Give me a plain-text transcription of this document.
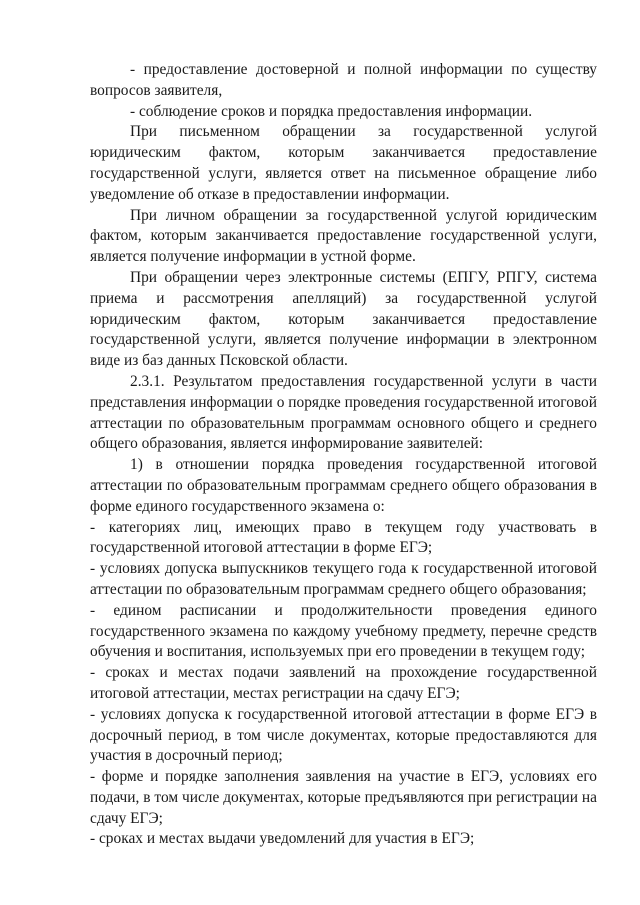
- предоставление достоверной и полной информации по существу вопросов заявителя,

- соблюдение сроков и порядка предоставления информации.

При письменном обращении за государственной услугой юридическим фактом, которым заканчивается предоставление государственной услуги, является ответ на письменное обращение либо уведомление об отказе в предоставлении информации.

При личном обращении за государственной услугой юридическим фактом, которым заканчивается предоставление государственной услуги, является получение информации в устной форме.

При обращении через электронные системы (ЕПГУ, РПГУ, система приема и рассмотрения апелляций) за государственной услугой юридическим фактом, которым заканчивается предоставление государственной услуги, является получение информации в электронном виде из баз данных Псковской области.

2.3.1. Результатом предоставления государственной услуги в части представления информации о порядке проведения государственной итоговой аттестации по образовательным программам основного общего и среднего общего образования, является информирование заявителей:

1) в отношении порядка проведения государственной итоговой аттестации по образовательным программам среднего общего образования в форме единого государственного экзамена о:

- категориях лиц, имеющих право в текущем году участвовать в государственной итоговой аттестации в форме ЕГЭ;

- условиях допуска выпускников текущего года к государственной итоговой аттестации по образовательным программам среднего общего образования;

- едином расписании и продолжительности проведения единого государственного экзамена по каждому учебному предмету, перечне средств обучения и воспитания, используемых при его проведении в текущем году;

- сроках и местах подачи заявлений на прохождение государственной итоговой аттестации, местах регистрации на сдачу ЕГЭ;

- условиях допуска к государственной итоговой аттестации в форме ЕГЭ в досрочный период, в том числе документах, которые предоставляются для участия в досрочный период;

- форме и порядке заполнения заявления на участие в ЕГЭ, условиях его подачи, в том числе документах, которые предъявляются при регистрации на сдачу ЕГЭ;

- сроках и местах выдачи уведомлений для участия в ЕГЭ;
